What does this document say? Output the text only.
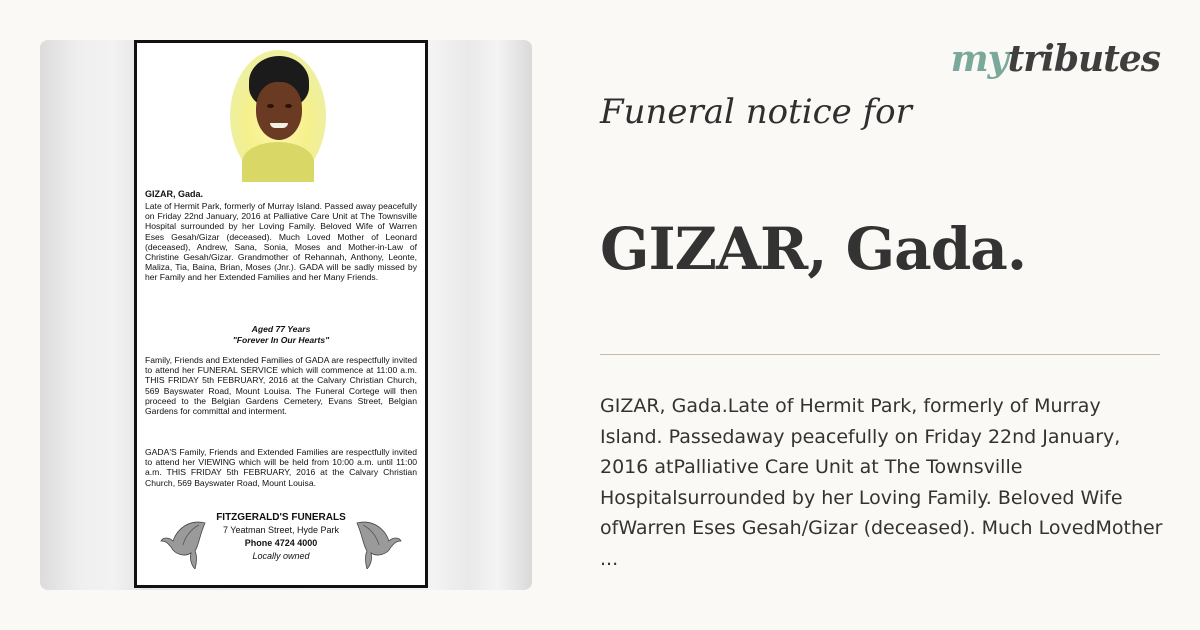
GIZAR, Gada.
Late of Hermit Park, formerly of Murray Island. Passed away peacefully on Friday 22nd January, 2016 at Palliative Care Unit at The Townsville Hospital surrounded by her Loving Family. Beloved Wife of Warren Eses Gesah/Gizar (deceased). Much Loved Mother of Leonard (deceased), Andrew, Sana, Sonia, Moses and Mother-in-Law of Christine Gesah/Gizar. Grandmother of Rehannah, Anthony, Leonte, Maliza, Tia, Baina, Brian, Moses (Jnr.). GADA will be sadly missed by her Family and her Extended Families and her Many Friends.
Aged 77 Years
"Forever In Our Hearts"
Family, Friends and Extended Families of GADA are respectfully invited to attend her FUNERAL SERVICE which will commence at 11:00 a.m. THIS FRIDAY 5th FEBRUARY, 2016 at the Calvary Christian Church, 569 Bayswater Road, Mount Louisa. The Funeral Cortege will then proceed to the Belgian Gardens Cemetery, Evans Street, Belgian Gardens for committal and interment.
GADA'S Family, Friends and Extended Families are respectfully invited to attend her VIEWING which will be held from 10:00 a.m. until 11:00 a.m. THIS FRIDAY 5th FEBRUARY, 2016 at the Calvary Christian Church, 569 Bayswater Road, Mount Louisa.
FITZGERALD'S FUNERALS
7 Yeatman Street, Hyde Park
Phone 4724 4000
Locally owned
mytributes
Funeral notice for
GIZAR, Gada.
GIZAR, Gada.Late of Hermit Park, formerly of Murray
Island. Passedaway peacefully on Friday 22nd January,
2016 atPalliative Care Unit at The Townsville
Hospitalsurrounded by her Loving Family. Beloved Wife
ofWarren Eses Gesah/Gizar (deceased). Much LovedMother
...
